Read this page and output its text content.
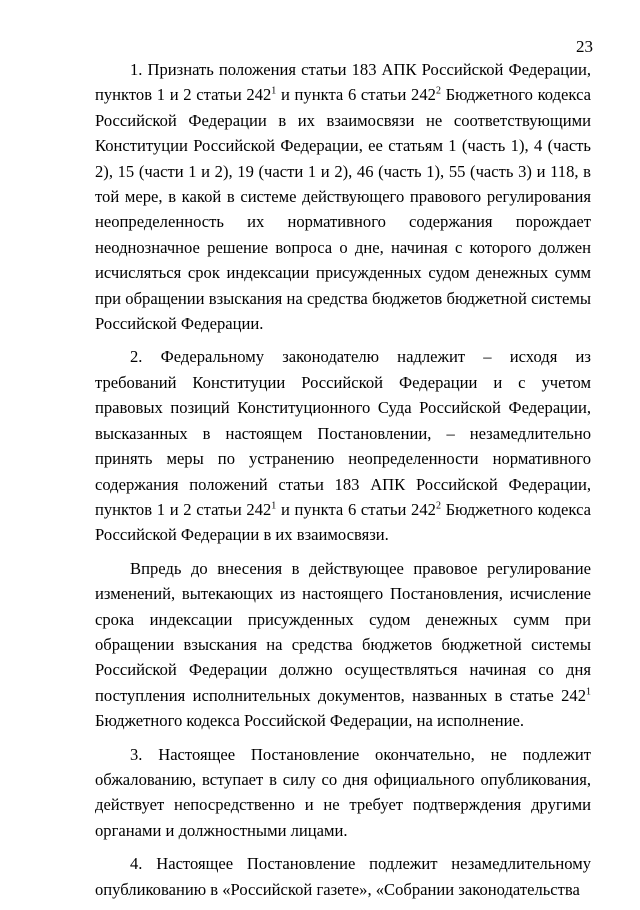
23

1. Признать положения статьи 183 АПК Российской Федерации, пунктов 1 и 2 статьи $242^1$ и пункта 6 статьи $242^2$ Бюджетного кодекса Российской Федерации в их взаимосвязи не соответствующими Конституции Российской Федерации, ее статьям 1 (часть 1), 4 (часть 2), 15 (части 1 и 2), 19 (части 1 и 2), 46 (часть 1), 55 (часть 3) и 118, в той мере, в какой в системе действующего правового регулирования неопределенность их нормативного содержания порождает неоднозначное решение вопроса о дне, начиная с которого должен исчисляться срок индексации присужденных судом денежных сумм при обращении взыскания на средства бюджетов бюджетной системы Российской Федерации.

2. Федеральному законодателю надлежит – исходя из требований Конституции Российской Федерации и с учетом правовых позиций Конституционного Суда Российской Федерации, высказанных в настоящем Постановлении, – незамедлительно принять меры по устранению неопределенности нормативного содержания положений статьи 183 АПК Российской Федерации, пунктов 1 и 2 статьи $242^1$ и пункта 6 статьи $242^2$ Бюджетного кодекса Российской Федерации в их взаимосвязи.

Впредь до внесения в действующее правовое регулирование изменений, вытекающих из настоящего Постановления, исчисление срока индексации присужденных судом денежных сумм при обращении взыскания на средства бюджетов бюджетной системы Российской Федерации должно осуществляться начиная со дня поступления исполнительных документов, названных в статье $242^1$ Бюджетного кодекса Российской Федерации, на исполнение.

3. Настоящее Постановление окончательно, не подлежит обжалованию, вступает в силу со дня официального опубликования, действует непосредственно и не требует подтверждения другими органами и должностными лицами.

4. Настоящее Постановление подлежит незамедлительному опубликованию в «Российской газете», «Собрании законодательства
